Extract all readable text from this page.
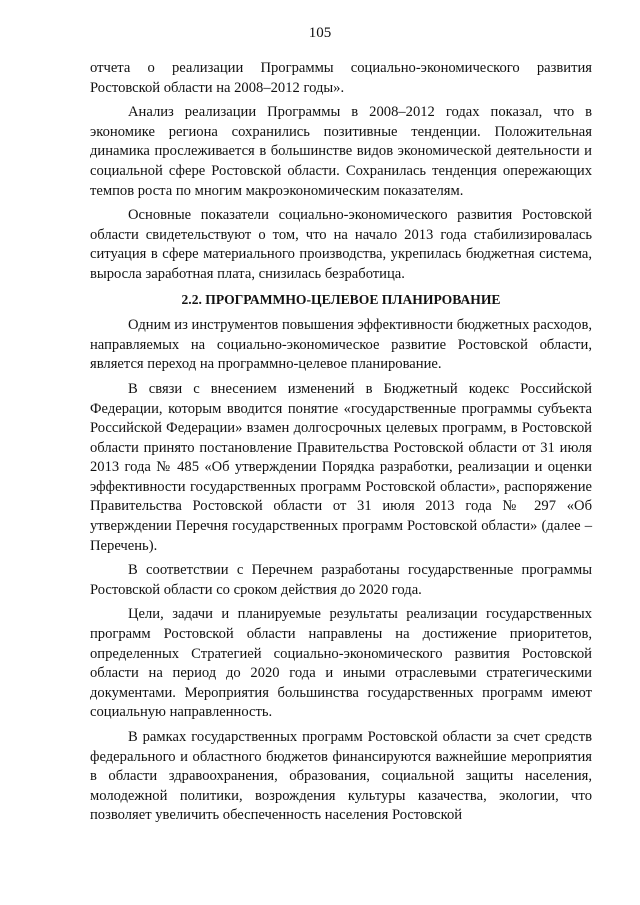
105

отчета о реализации Программы социально-экономического развития Ростовской области на 2008–2012 годы».

Анализ реализации Программы в 2008–2012 годах показал, что в экономике региона сохранились позитивные тенденции. Положительная динамика прослеживается в большинстве видов экономической деятельности и социальной сфере Ростовской области. Сохранилась тенденция опережающих темпов роста по многим макроэкономическим показателям.

Основные показатели социально-экономического развития Ростовской области свидетельствуют о том, что на начало 2013 года стабилизировалась ситуация в сфере материального производства, укрепилась бюджетная система, выросла заработная плата, снизилась безработица.

2.2. ПРОГРАММНО-ЦЕЛЕВОЕ ПЛАНИРОВАНИЕ

Одним из инструментов повышения эффективности бюджетных расходов, направляемых на социально-экономическое развитие Ростовской области, является переход на программно-целевое планирование.

В связи с внесением изменений в Бюджетный кодекс Российской Федерации, которым вводится понятие «государственные программы субъекта Российской Федерации» взамен долгосрочных целевых программ, в Ростовской области принято постановление Правительства Ростовской области от 31 июля 2013 года № 485 «Об утверждении Порядка разработки, реализации и оценки эффективности государственных программ Ростовской области», распоряжение Правительства Ростовской области от 31 июля 2013 года № 297 «Об утверждении Перечня государственных программ Ростовской области» (далее – Перечень).

В соответствии с Перечнем разработаны государственные программы Ростовской области со сроком действия до 2020 года.

Цели, задачи и планируемые результаты реализации государственных программ Ростовской области направлены на достижение приоритетов, определенных Стратегией социально-экономического развития Ростовской области на период до 2020 года и иными отраслевыми стратегическими документами. Мероприятия большинства государственных программ имеют социальную направленность.

В рамках государственных программ Ростовской области за счет средств федерального и областного бюджетов финансируются важнейшие мероприятия в области здравоохранения, образования, социальной защиты населения, молодежной политики, возрождения культуры казачества, экологии, что позволяет увеличить обеспеченность населения Ростовской
